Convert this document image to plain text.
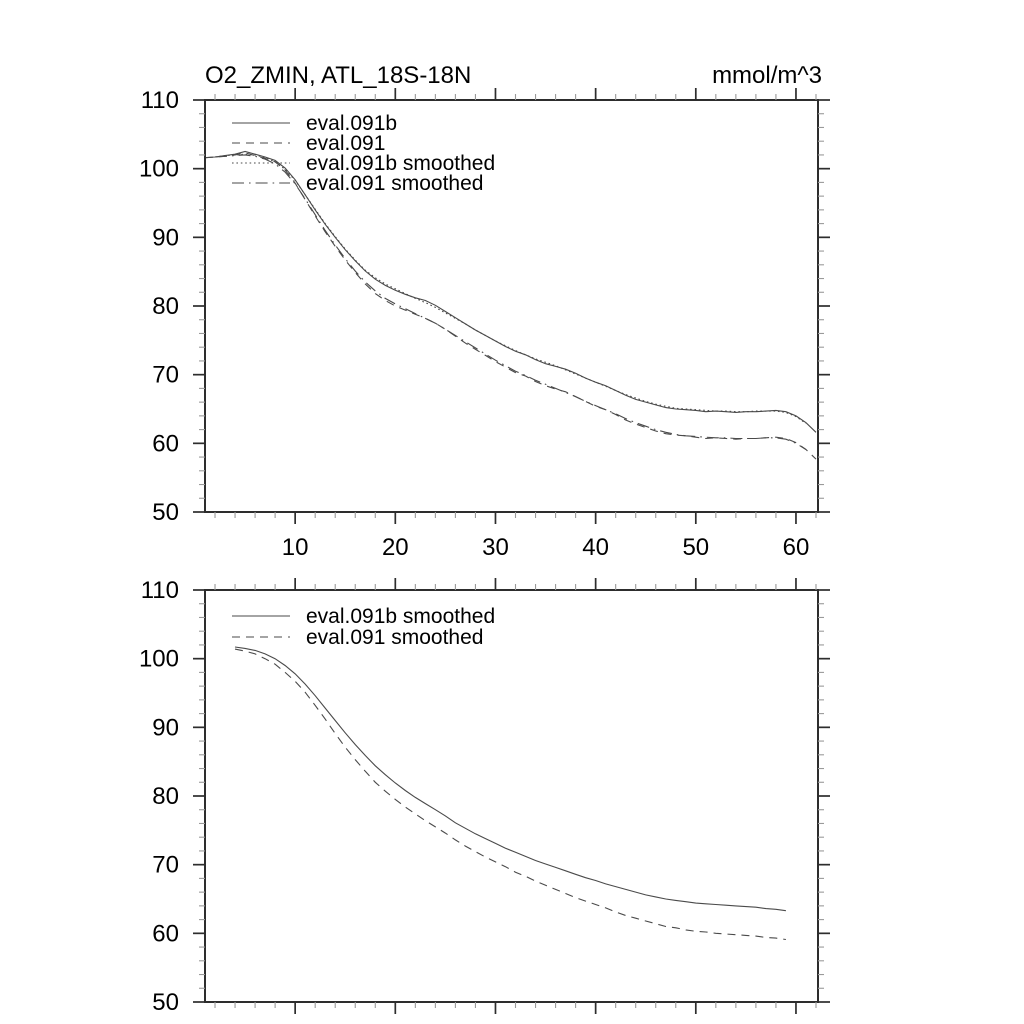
50
60
70
80
90
100
110
10	20	30	40	50	60
O2_ZMIN, ATL_18S-18N	mmol/m^3
eval.091b
eval.091
eval.091b smoothed
eval.091 smoothed
50
60
70
80
90
100
110
eval.091b smoothed
eval.091 smoothed
